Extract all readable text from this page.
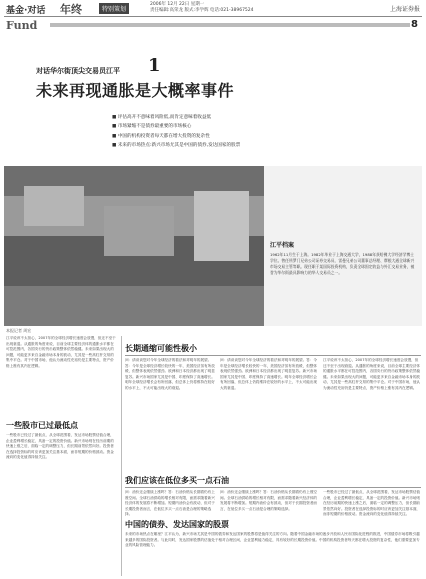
基金·对话 年终	特别策划
2006年 12月 22日 星期一
责任编辑:高荣龙 版式:李学辉 电话:021-38967524	上海证券报
Fund	8
对话华尔街顶尖交易员江平 1
未来再现通胀是大概率事件
■ 评估高开不意味着风险低,而肯定意味着收益低
■ 市场紧缩不是债券最重要的市场核心
■ 中国的机构投资者每天都在增大投资的复杂性
■ 未来的市场热点:新兴市场尤其是中国的债券,发达国家的股票
江平档案
1962年11月生于上海。1982年毕业于上海交通大学，1988年获哈佛大学经济学博士学位。曾任所罗门兄弟公司证券交易员、雷曼兄弟公司董事总经理、摩根大通全球新兴市场交易主管等职。现任职于某国际投资机构，负责全球固定收益与外汇交易业务，被誉为华尔街最具影响力的华人交易员之一。
本报记者 周宏
长期通缩可能性极小
一些股市已过最低点
我们应该在低位多买一点石油
中国的债券、发达国家的股票
江平说该不太担心，2007年的全球经济增长速度会放慢，但还不至于出现衰退。从通胀的角度来说，目前全球主要经济体的通胀水平都在可控范围内，各国央行的货币政策整体依然稳健。未来如果出现大的问题，可能更多来自金融市场本身的波动，尤其是一些高杠杆交易的集中平仓。对于中国市场，他认为流动性充裕仍是主要特点，资产价格上涨有其内在逻辑。
一些股市已经过了最低点，从全球范围看，发达市场股票估值合理，企业盈利增长稳定，具备一定的投资价值。新兴市场则在经历前期的快速上涨之后，面临一定的调整压力，但长期前景依然向好。投资者在选择投资标的时应该更加关注基本面，而非短期的价格波动。资金流向的变化值得持续关注。
问：请谈谈您对今年全球经济的看法和对明年的展望。答：今年是全球经济增长较快的一年，美国经济虽有所放缓，但整体表现依然强劲。欧洲和日本经济都出现了明显复苏。新兴市场国家尤其是中国、印度保持了高速增长。明年全球经济增长会有所回落，但总体上仍将维持在较好的水平上，不太可能出现大的衰退。
问：油价还会继续上涨吗？答：石油价格从长期看仍有上涨空间。全球石油供给的增长相对有限，而需求随着新兴经济体的发展将不断增加。短期内油价会有波动，但对于长期投资者而言，在低位多买一点石油是合理的策略选择。
未来的市场热点在哪里？江平认为，新兴市场尤其是中国的债券和发达国家的股票将是值得关注的方向。随着中国金融市场的逐步开放和人民币国际化进程的推进，中国债券市场将吸引越来越多的国际投资者。与此同时，发达国家股票的估值处于相对合理区间，企业盈利能力稳定，具有较好的长期投资价值。中国的机构投资者每天都在增大投资的复杂性，他们需要更加专业的风险管理能力。
问：请谈谈您对今年全球经济的看法和对明年的展望。答：今年是全球经济增长较快的一年，美国经济虽有所放缓，但整体表现依然强劲。欧洲和日本经济都出现了明显复苏。新兴市场国家尤其是中国、印度保持了高速增长。明年全球经济增长会有所回落，但总体上仍将维持在较好的水平上，不太可能出现大的衰退。
江平说该不太担心，2007年的全球经济增长速度会放慢，但还不至于出现衰退。从通胀的角度来说，目前全球主要经济体的通胀水平都在可控范围内，各国央行的货币政策整体依然稳健。未来如果出现大的问题，可能更多来自金融市场本身的波动，尤其是一些高杠杆交易的集中平仓。对于中国市场，他认为流动性充裕仍是主要特点，资产价格上涨有其内在逻辑。
问：油价还会继续上涨吗？答：石油价格从长期看仍有上涨空间。全球石油供给的增长相对有限，而需求随着新兴经济体的发展将不断增加。短期内油价会有波动，但对于长期投资者而言，在低位多买一点石油是合理的策略选择。
一些股市已经过了最低点，从全球范围看，发达市场股票估值合理，企业盈利增长稳定，具备一定的投资价值。新兴市场则在经历前期的快速上涨之后，面临一定的调整压力，但长期前景依然向好。投资者在选择投资标的时应该更加关注基本面，而非短期的价格波动。资金流向的变化值得持续关注。
